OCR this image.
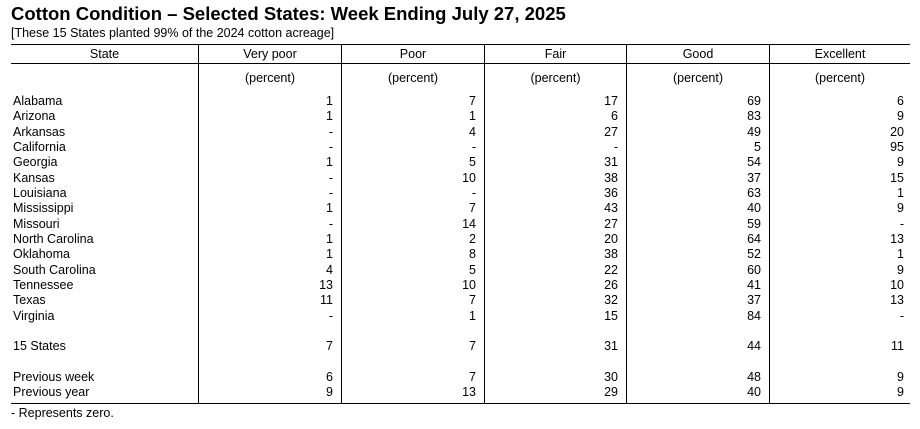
Cotton Condition – Selected States: Week Ending July 27, 2025
[These 15 States planted 99% of the 2024 cotton acreage]
State	Very poor	Poor	Fair	Good	Excellent
(percent)	(percent)	(percent)	(percent)	(percent)
Alabama	1	7	17	69	6
Arizona	1	1	6	83	9
Arkansas	-	4	27	49	20
California	-	-	-	5	95
Georgia	1	5	31	54	9
Kansas	-	10	38	37	15
Louisiana	-	-	36	63	1
Mississippi	1	7	43	40	9
Missouri	-	14	27	59	-
North Carolina	1	2	20	64	13
Oklahoma	1	8	38	52	1
South Carolina	4	5	22	60	9
Tennessee	13	10	26	41	10
Texas	11	7	32	37	13
Virginia	-	1	15	84	-
15 States	7	7	31	44	11
Previous week	6	7	30	48	9
Previous year	9	13	29	40	9
- Represents zero.
